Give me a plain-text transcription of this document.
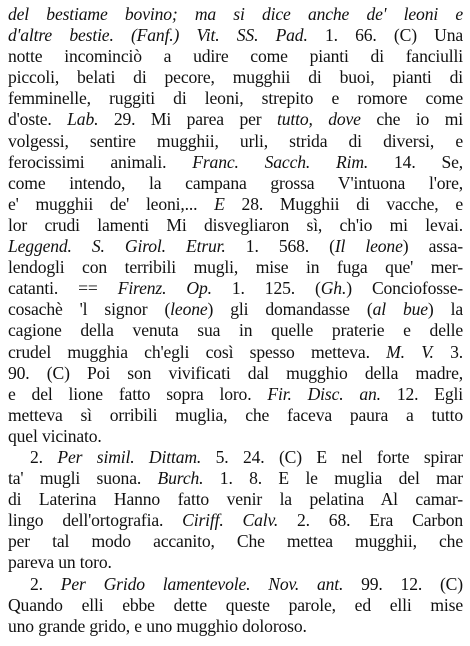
del bestiame bovino; ma si dice anche de' leoni e
d'altre bestie. (Fanf.) Vit. SS. Pad. 1. 66. (C) Una
notte incominciò a udire come pianti di fanciulli
piccoli, belati di pecore, mugghii di buoi, pianti di
femminelle, ruggiti di leoni, strepito e romore come
d'oste. Lab. 29. Mi parea per tutto, dove che io mi
volgessi, sentire mugghii, urli, strida di diversi, e
ferocissimi animali. Franc. Sacch. Rim. 14. Se,
come intendo, la campana grossa V'intuona l'ore,
e' mugghii de' leoni,... E 28. Mugghii di vacche, e
lor crudi lamenti Mi disvegliaron sì, ch'io mi levai.
Leggend. S. Girol. Etrur. 1. 568. (Il leone) assa-
lendogli con terribili mugli, mise in fuga que' mer-
catanti. == Firenz. Op. 1. 125. (Gh.) Conciofosse-
cosachè 'l signor (leone) gli domandasse (al bue) la
cagione della venuta sua in quelle praterie e delle
crudel mugghia ch'egli così spesso metteva. M. V. 3.
90. (C) Poi son vivificati dal mugghio della madre,
e del lione fatto sopra loro. Fir. Disc. an. 12. Egli
metteva sì orribili muglia, che faceva paura a tutto
quel vicinato.
2. Per simil. Dittam. 5. 24. (C) E nel forte spirar
ta' mugli suona. Burch. 1. 8. E le muglia del mar
di Laterina Hanno fatto venir la pelatina Al camar-
lingo dell'ortografia. Ciriff. Calv. 2. 68. Era Carbon
per tal modo accanito, Che mettea mugghii, che
pareva un toro.
2. Per Grido lamentevole. Nov. ant. 99. 12. (C)
Quando elli ebbe dette queste parole, ed elli mise
uno grande grido, e uno mugghio doloroso.
